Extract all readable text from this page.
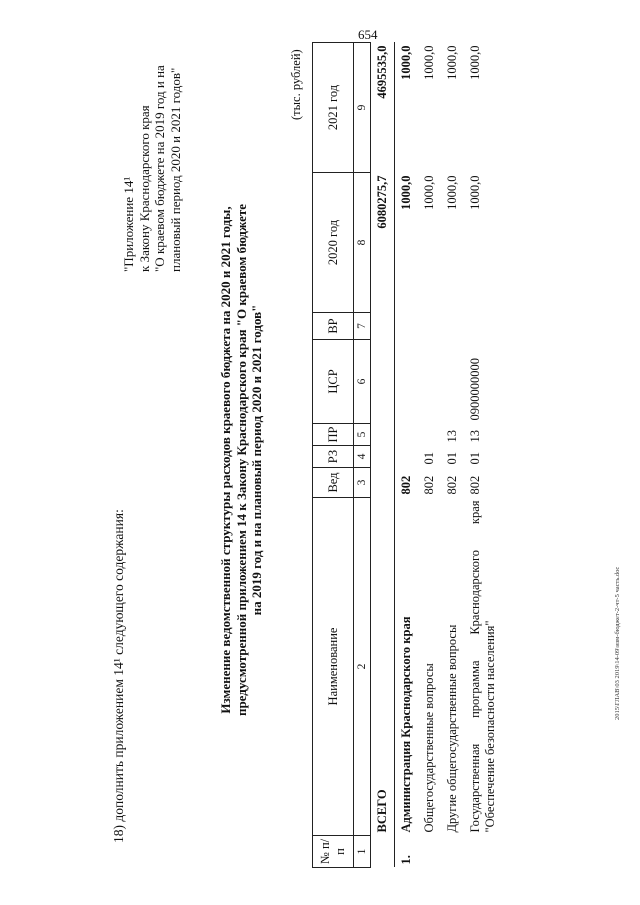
654
18) дополнить приложением 14¹ следующего содержания:
"Приложение 14¹ к Закону Краснодарского края "О краевом бюджете на 2019 год и на плановый период 2020 и 2021 годов"
Изменение ведомственной структуры расходов краевого бюджета на 2020 и 2021 годы, предусмотренной приложением 14 к Закону Краснодарского края "О краевом бюджете на 2019 год и на плановый период 2020 и 2021 годов"
(тыс. рублей)
№ п/п	Наименование	Вед	РЗ	ПР	ЦСР	ВР	2020 год	2021 год
1	2	3	4	5	6	7	8	9
	ВСЕГО						6080275,7	4695535,0
1.	Администрация Краснодарского края	802					1000,0	1000,0
	Общегосударственные вопросы	802	01				1000,0	1000,0
	Другие общегосударственные вопросы	802	01	13			1000,0	1000,0
	Государственная программа Краснодарского края "Обеспечение безопасности населения"	802	01	13	0900000000		1000,0	1000,0
2015\ГЛАВ\03 2019\14-09\изм-бюджет-2-чт-5 часть.doc
